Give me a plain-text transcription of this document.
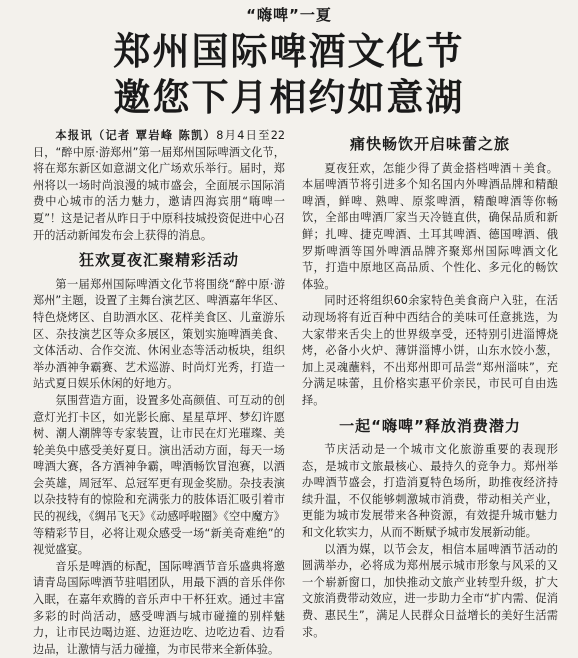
“嗨啤”一夏
郑州国际啤酒文化节
邀您下月相约如意湖

本报讯（记者 覃岩峰 陈凯）8月4日至22日，“醉中原·游郑州”第一届郑州国际啤酒文化节，将在郑东新区如意湖文化广场欢乐举行。届时，郑州将以一场时尚浪漫的城市盛会，全面展示国际消费中心城市的活力魅力，邀请四海宾朋“嗨啤一夏”！这是记者从昨日于中原科技城投资促进中心召开的活动新闻发布会上获得的消息。

狂欢夏夜汇聚精彩活动

第一届郑州国际啤酒文化节将围绕“醉中原·游郑州”主题，设置了主舞台演艺区、啤酒嘉年华区、特色烧烤区、自助酒水区、花样美食区、儿童游乐区、杂技演艺区等众多展区，策划实施啤酒美食、文体活动、合作交流、休闲业态等活动板块，组织举办酒神争霸赛、艺术巡游、时尚灯光秀，打造一站式夏日娱乐休闲的好地方。

氛围营造方面，设置多处高颜值、可互动的创意灯光打卡区，如光影长廊、星星草坪、梦幻许愿树、潮人潮牌等专家装置，让市民在灯光璀璨、美轮美奂中感受美好夏日。演出活动方面，每天一场啤酒大赛，各方酒神争霸，啤酒畅饮冒泡赛，以酒会英雄，周冠军、总冠军更有现金奖励。杂技表演以杂技特有的惊险和充满张力的肢体语汇吸引着市民的视线，《绸吊飞天》《动感呼啦圈》《空中魔方》等精彩节目，必将让观众感受一场“新美奇难绝”的视觉盛宴。

音乐是啤酒的标配，国际啤酒节音乐盛典将邀请青岛国际啤酒节驻唱团队，用最下酒的音乐伴你入眠，在嘉年欢腾的音乐声中干杯狂欢。通过丰富多彩的时尚活动，感受啤酒与城市碰撞的别样魅力，让市民边喝边逛、边逛边吃、边吃边看、边看边品，让激情与活力碰撞，为市民带来全新体验。

痛快畅饮开启味蕾之旅

夏夜狂欢，怎能少得了黄金搭档啤酒＋美食。本届啤酒节将引进多个知名国内外啤酒品牌和精酿啤酒，鲜啤、熟啤、原浆啤酒，精酿啤酒等你畅饮，全部由啤酒厂家当天冷链直供，确保品质和新鲜；扎啤、捷克啤酒、土耳其啤酒、德国啤酒、俄罗斯啤酒等国外啤酒品牌齐聚郑州国际啤酒文化节，打造中原地区高品质、个性化、多元化的畅饮体验。

同时还将组织60余家特色美食商户入驻，在活动现场将有近百种中西结合的美味可任意挑选，为大家带来舌尖上的世界级享受，还特别引进淄博烧烤，必备小火炉、薄饼淄博小饼，山东水饺小葱，加上灵魂蘸料，不出郑州即可品尝“郑州淄味”，充分满足味蕾，且价格实惠平价亲民，市民可自由选择。

一起“嗨啤”释放消费潜力

节庆活动是一个城市文化旅游重要的表现形态，是城市文旅最核心、最持久的竞争力。郑州举办啤酒节盛会，打造消夏特色场所，助推夜经济持续升温，不仅能够刺激城市消费，带动相关产业，更能为城市发展带来各种资源，有效提升城市魅力和文化软实力，从而不断赋予城市发展新动能。

以酒为媒，以节会友，相信本届啤酒节活动的圆满举办，必将成为郑州展示城市形象与风采的又一个崭新窗口，加快推动文旅产业转型升级，扩大文旅消费带动效应，进一步助力全市“扩内需、促消费、惠民生”，满足人民群众日益增长的美好生活需求。
